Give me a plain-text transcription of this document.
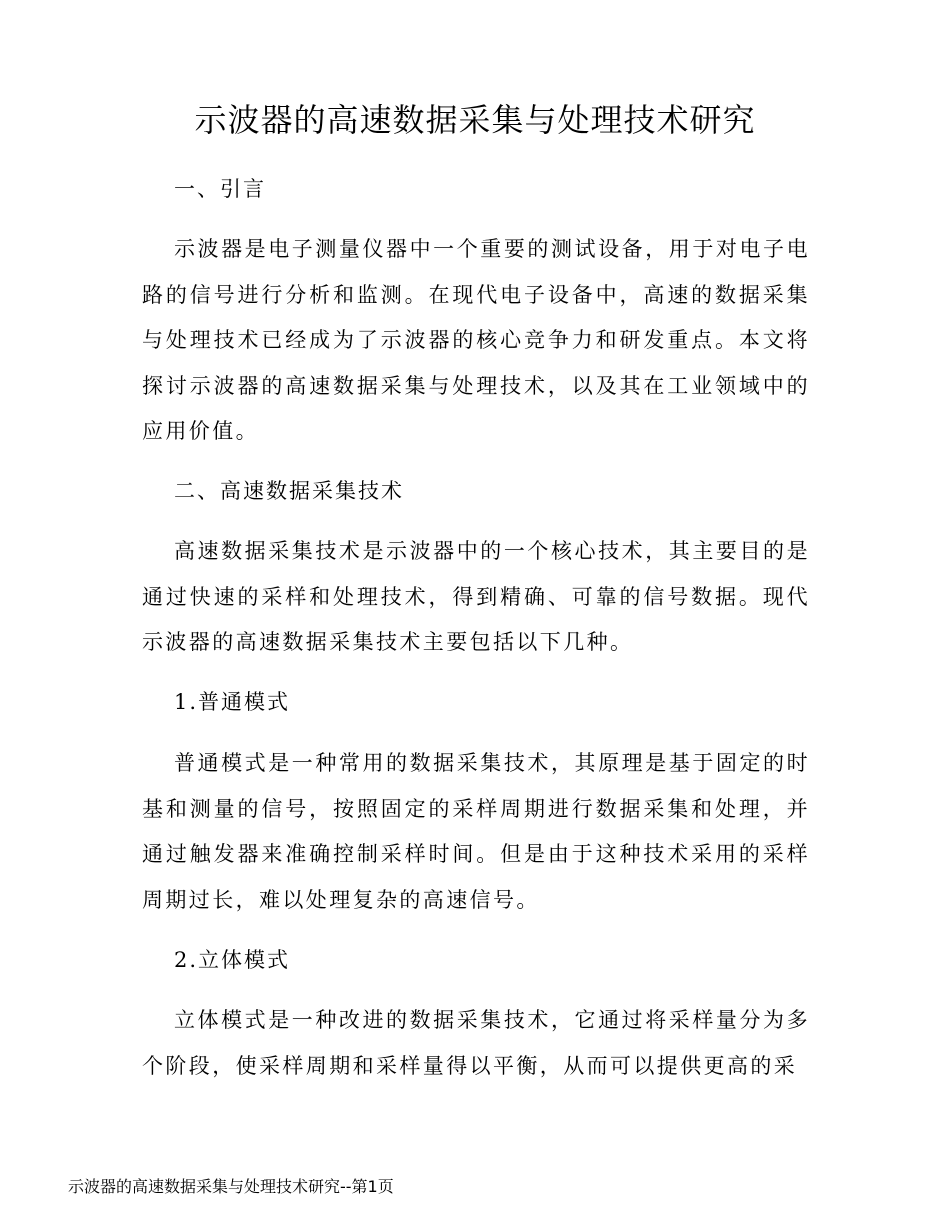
示波器的高速数据采集与处理技术研究

一、引言

示波器是电子测量仪器中一个重要的测试设备，用于对电子电路的信号进行分析和监测。在现代电子设备中，高速的数据采集与处理技术已经成为了示波器的核心竞争力和研发重点。本文将探讨示波器的高速数据采集与处理技术，以及其在工业领域中的应用价值。

二、高速数据采集技术

高速数据采集技术是示波器中的一个核心技术，其主要目的是通过快速的采样和处理技术，得到精确、可靠的信号数据。现代示波器的高速数据采集技术主要包括以下几种。

1.普通模式

普通模式是一种常用的数据采集技术，其原理是基于固定的时基和测量的信号，按照固定的采样周期进行数据采集和处理，并通过触发器来准确控制采样时间。但是由于这种技术采用的采样周期过长，难以处理复杂的高速信号。

2.立体模式

立体模式是一种改进的数据采集技术，它通过将采样量分为多个阶段，使采样周期和采样量得以平衡，从而可以提供更高的采

示波器的高速数据采集与处理技术研究--第1页
